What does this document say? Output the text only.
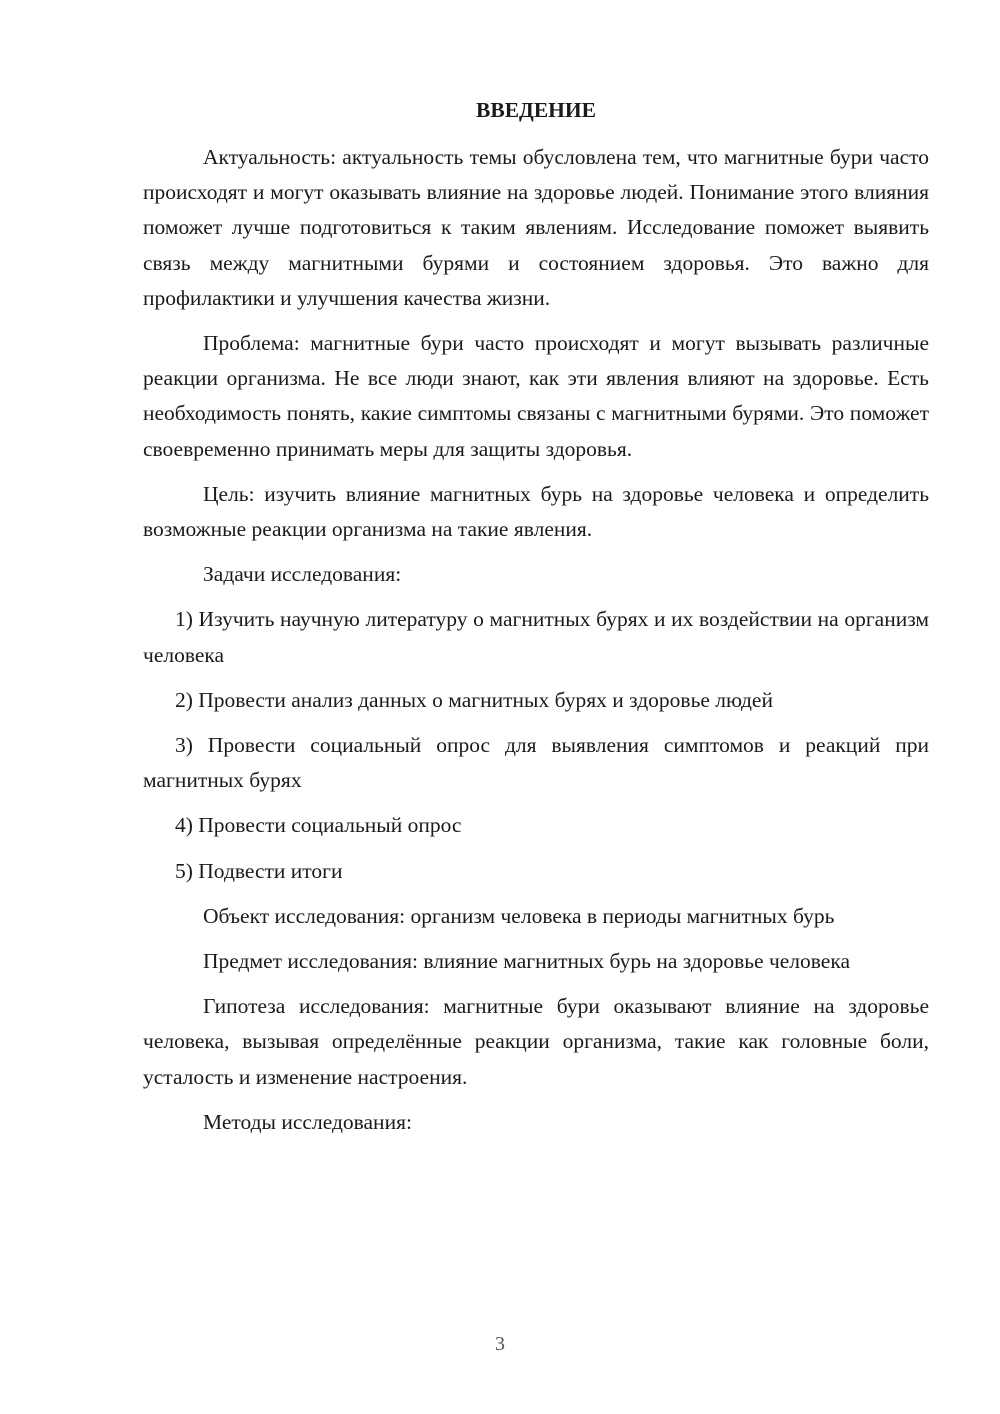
ВВЕДЕНИЕ

Актуальность: актуальность темы обусловлена тем, что магнитные бури часто происходят и могут оказывать влияние на здоровье людей. Понимание этого влияния поможет лучше подготовиться к таким явлениям. Исследование поможет выявить связь между магнитными бурями и состоянием здоровья. Это важно для профилактики и улучшения качества жизни.

Проблема: магнитные бури часто происходят и могут вызывать различные реакции организма. Не все люди знают, как эти явления влияют на здоровье. Есть необходимость понять, какие симптомы связаны с магнитными бурями. Это поможет своевременно принимать меры для защиты здоровья.

Цель: изучить влияние магнитных бурь на здоровье человека и определить возможные реакции организма на такие явления.

Задачи исследования:

1) Изучить научную литературу о магнитных бурях и их воздействии на организм человека

2) Провести анализ данных о магнитных бурях и здоровье людей

3) Провести социальный опрос для выявления симптомов и реакций при магнитных бурях

4) Провести социальный опрос

5) Подвести итоги

Объект исследования: организм человека в периоды магнитных бурь

Предмет исследования: влияние магнитных бурь на здоровье человека

Гипотеза исследования: магнитные бури оказывают влияние на здоровье человека, вызывая определённые реакции организма, такие как головные боли, усталость и изменение настроения.

Методы исследования:

3
